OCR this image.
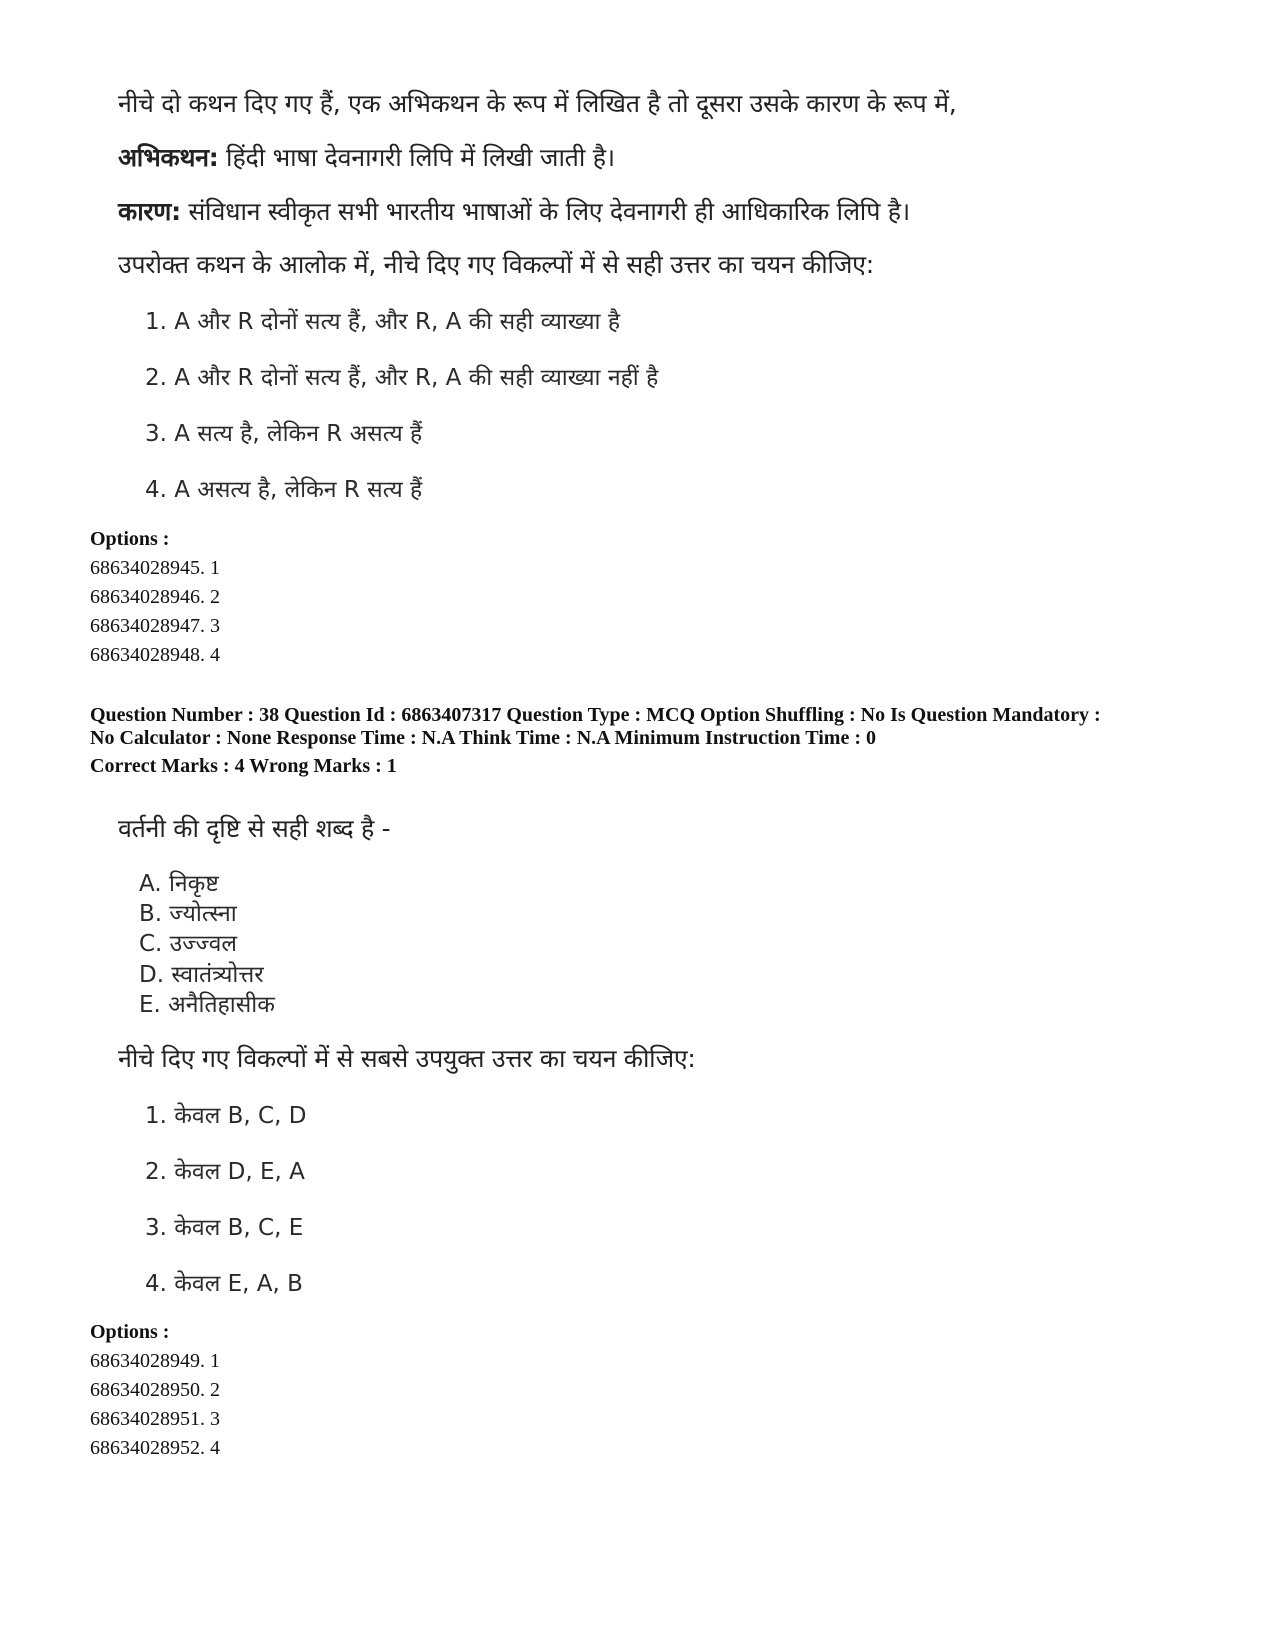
नीचे दो कथन दिए गए हैं, एक अभिकथन के रूप में लिखित है तो दूसरा उसके कारण के रूप में,
अभिकथन: हिंदी भाषा देवनागरी लिपि में लिखी जाती है।
कारण: संविधान स्वीकृत सभी भारतीय भाषाओं के लिए देवनागरी ही आधिकारिक लिपि है।
उपरोक्त कथन के आलोक में, नीचे दिए गए विकल्पों में से सही उत्तर का चयन कीजिए:
1. A और R दोनों सत्य हैं, और R, A की सही व्याख्या है
2. A और R दोनों सत्य हैं, और R, A की सही व्याख्या नहीं है
3. A सत्य है, लेकिन R असत्य हैं
4. A असत्य है, लेकिन R सत्य हैं
Options :
68634028945. 1
68634028946. 2
68634028947. 3
68634028948. 4
Question Number : 38 Question Id : 6863407317 Question Type : MCQ Option Shuffling : No Is Question Mandatory :
No Calculator : None Response Time : N.A Think Time : N.A Minimum Instruction Time : 0
Correct Marks : 4 Wrong Marks : 1
वर्तनी की दृष्टि से सही शब्द है -
A. निकृष्ट
B. ज्योत्स्ना
C. उज्ज्वल
D. स्वातंत्र्योत्तर
E. अनैतिहासीक
नीचे दिए गए विकल्पों में से सबसे उपयुक्त उत्तर का चयन कीजिए:
1. केवल B, C, D
2. केवल D, E, A
3. केवल B, C, E
4. केवल E, A, B
Options :
68634028949. 1
68634028950. 2
68634028951. 3
68634028952. 4
